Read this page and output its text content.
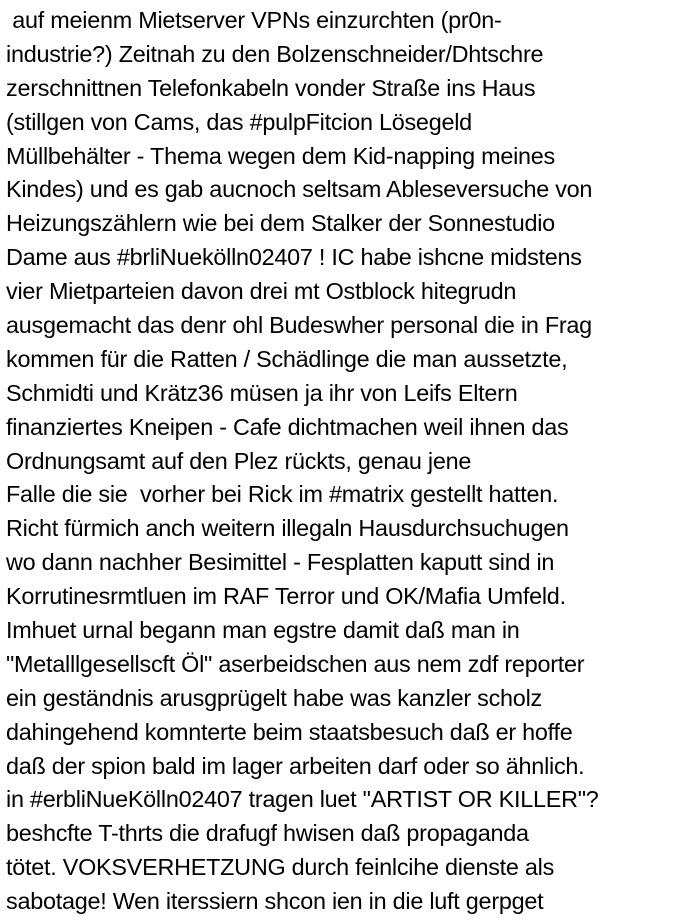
auf meienm Mietserver VPNs einzurchten (pr0n-
industrie?) Zeitnah zu den Bolzenschneider/Dhtschre
zerschnittnen Telefonkabeln vonder Straße ins Haus
(stillgen von Cams, das #pulpFitcion Lösegeld
Müllbehälter - Thema wegen dem Kid-napping meines
Kindes) und es gab aucnoch seltsam Ableseversuche von
Heizungszählern wie bei dem Stalker der Sonnestudio
Dame aus #brliNuekölln02407 ! IC habe ishcne midstens
vier Mietparteien davon drei mt Ostblock hitegrudn
ausgemacht das denr ohl Budeswher personal die in Frag
kommen für die Ratten / Schädlinge die man aussetzte,
Schmidti und Krätz36 müsen ja ihr von Leifs Eltern
finanziertes Kneipen - Cafe dichtmachen weil ihnen das
Ordnungsamt auf den Plez rückts, genau jene
Falle die sie  vorher bei Rick im #matrix gestellt hatten.
Richt fürmich anch weitern illegaln Hausdurchsuchugen
wo dann nachher Besimittel - Fesplatten kaputt sind in
Korrutinesrmtluen im RAF Terror und OK/Mafia Umfeld.
Imhuet urnal begann man egstre damit daß man in
"Metalllgesellscft Öl" aserbeidschen aus nem zdf reporter
ein geständnis arusgprügelt habe was kanzler scholz
dahingehend komnterte beim staatsbesuch daß er hoffe
daß der spion bald im lager arbeiten darf oder so ähnlich.
in #erbliNueKölln02407 tragen luet "ARTIST OR KILLER"?
beshcfte T-thrts die drafugf hwisen daß propaganda
tötet. VOKSVERHETZUNG durch feinlcihe dienste als
sabotage! Wen iterssiern shcon ien in die luft gerpget
